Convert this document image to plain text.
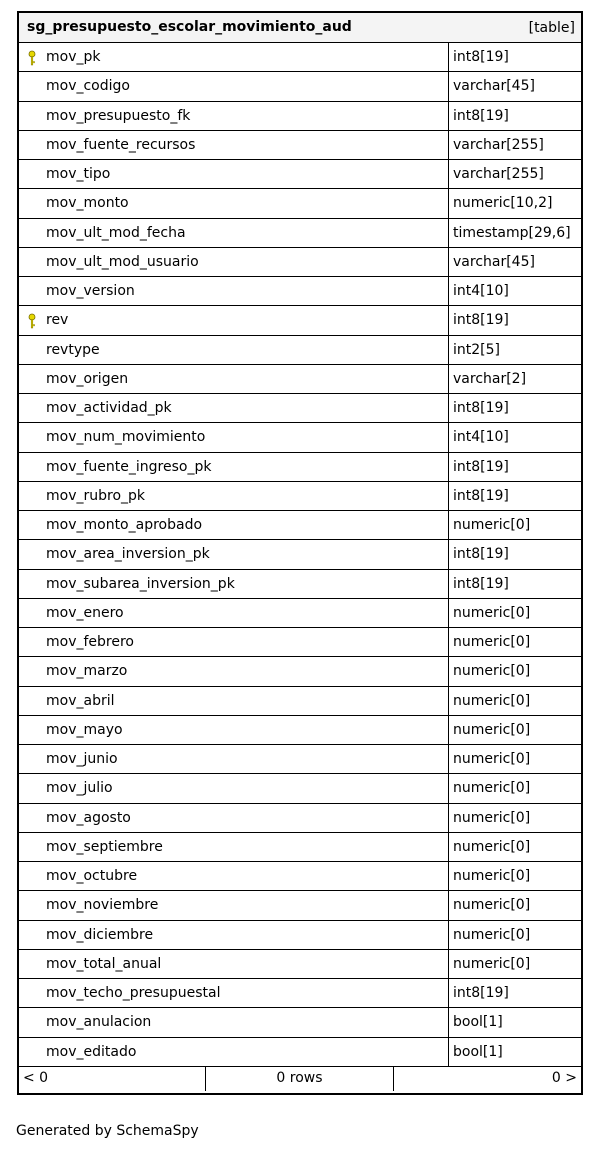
sg_presupuesto_escolar_movimiento_aud	[table]
mov_pk	int8[19]
mov_codigo	varchar[45]
mov_presupuesto_fk	int8[19]
mov_fuente_recursos	varchar[255]
mov_tipo	varchar[255]
mov_monto	numeric[10,2]
mov_ult_mod_fecha	timestamp[29,6]
mov_ult_mod_usuario	varchar[45]
mov_version	int4[10]
rev	int8[19]
revtype	int2[5]
mov_origen	varchar[2]
mov_actividad_pk	int8[19]
mov_num_movimiento	int4[10]
mov_fuente_ingreso_pk	int8[19]
mov_rubro_pk	int8[19]
mov_monto_aprobado	numeric[0]
mov_area_inversion_pk	int8[19]
mov_subarea_inversion_pk	int8[19]
mov_enero	numeric[0]
mov_febrero	numeric[0]
mov_marzo	numeric[0]
mov_abril	numeric[0]
mov_mayo	numeric[0]
mov_junio	numeric[0]
mov_julio	numeric[0]
mov_agosto	numeric[0]
mov_septiembre	numeric[0]
mov_octubre	numeric[0]
mov_noviembre	numeric[0]
mov_diciembre	numeric[0]
mov_total_anual	numeric[0]
mov_techo_presupuestal	int8[19]
mov_anulacion	bool[1]
mov_editado	bool[1]
< 0	0 rows	0 >
Generated by SchemaSpy
